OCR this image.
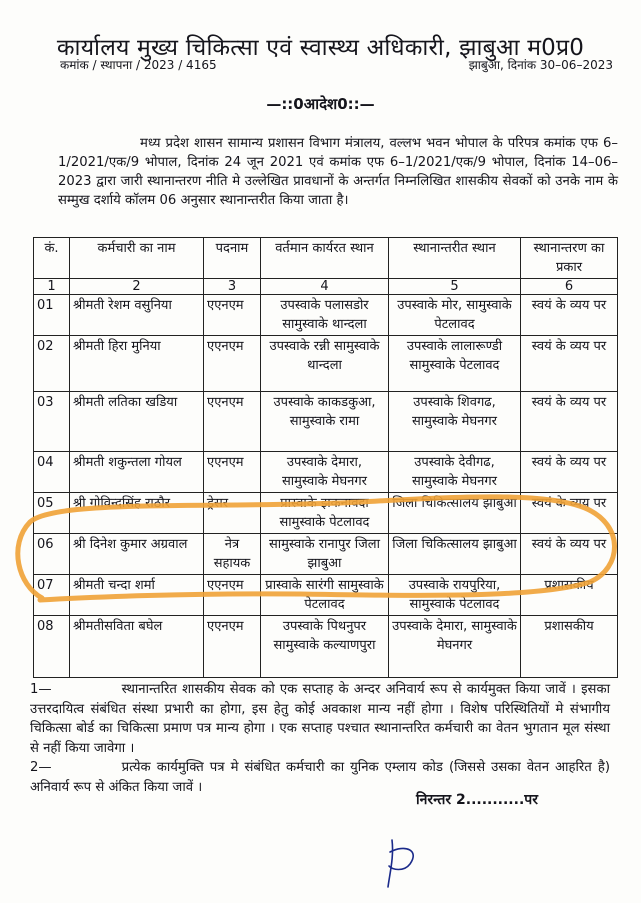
कार्यालय मुख्य चिकित्सा एवं स्वास्थ्य अधिकारी, झाबुआ म0प्र0
कमांक / स्थापना / 2023 / 4165	झाबुआ, दिनांक 30–06–2023
—::0आदेश0::—
मध्य प्रदेश शासन सामान्य प्रशासन विभाग मंत्रालय, वल्लभ भवन भोपाल के परिपत्र कमांक एफ 6–1/2021/एक/9 भोपाल, दिनांक 24 जून 2021 एवं कमांक एफ 6–1/2021/एक/9 भोपाल, दिनांक 14–06–2023 द्वारा जारी स्थानान्तरण नीति मे उल्लेखित प्रावधानों के अन्तर्गत निम्नलिखित शासकीय सेवकों को उनके नाम के सम्मुख दर्शाये कॉलम 06 अनुसार स्थानान्तरीत किया जाता है।
कं.	कर्मचारी का नाम	पदनाम	वर्तमान कार्यरत स्थान	स्थानान्तरीत स्थान	स्थानान्तरण का प्रकार
1	2	3	4	5	6
01	श्रीमती रेशम वसुनिया	एएनएम	उपस्वाके पलासडोर सामुस्वाके थान्दला	उपस्वाके मोर, सामुस्वाके पेटलावद	स्वयं के व्यय पर
02	श्रीमती हिरा मुनिया	एएनएम	उपस्वाके रन्नी सामुस्वाके थान्दला	उपस्वाके लालारूण्डी सामुस्वाके पेटलावद	स्वयं के व्यय पर
03	श्रीमती लतिका खडिया	एएनएम	उपस्वाके काकडकुआ, सामुस्वाके रामा	उपस्वाके शिवगढ, सामुस्वाके मेघनगर	स्वयं के व्यय पर
04	श्रीमती शकुन्तला गोयल	एएनएम	उपस्वाके देमारा, सामुस्वाके मेघनगर	उपस्वाके देवीगढ, सामुस्वाके मेघनगर	स्वयं के व्यय पर
05	श्री गोविन्दसिंह राठौर	ड्रेसर	प्रास्वाके झकनावदा सामुस्वाके पेटलावद	जिला चिकित्सालय झाबुआ	स्वयं के व्यय पर
06	श्री दिनेश कुमार अग्रवाल	नेत्र सहायक	सामुस्वाके रानापुर जिला झाबुआ	जिला चिकित्सालय झाबुआ	स्वयं के व्यय पर
07	श्रीमती चन्दा शर्मा	एएनएम	प्रास्वाके सारंगी सामुस्वाके पेटलावद	उपस्वाके रायपुरिया, सामुस्वाके पेटलावद	प्रशासकीय
08	श्रीमतीसविता बघेल	एएनएम	उपस्वाके पिथनुपर सामुस्वाके कल्याणपुरा	उपस्वाके देमारा, सामुस्वाके मेघनगर	प्रशासकीय

1—	स्थानान्तरित शासकीय सेवक को एक सप्ताह के अन्दर अनिवार्य रूप से कार्यमुक्त किया जावें । इसका उत्तरदायित्व संबंधित संस्था प्रभारी का होगा, इस हेतु कोई अवकाश मान्य नहीं होगा । विशेष परिस्थितियों मे संभागीय चिकित्सा बोर्ड का चिकित्सा प्रमाण पत्र मान्य होगा । एक सप्ताह पश्चात स्थानान्तरित कर्मचारी का वेतन भुगतान मूल संस्था से नहीं किया जावेगा ।

2—	प्रत्येक कार्यमुक्ति पत्र मे संबंधित कर्मचारी का युनिक एम्लाय कोड (जिससे उसका वेतन आहरित है) अनिवार्य रूप से अंकित किया जावें ।

निरन्तर 2...........पर
